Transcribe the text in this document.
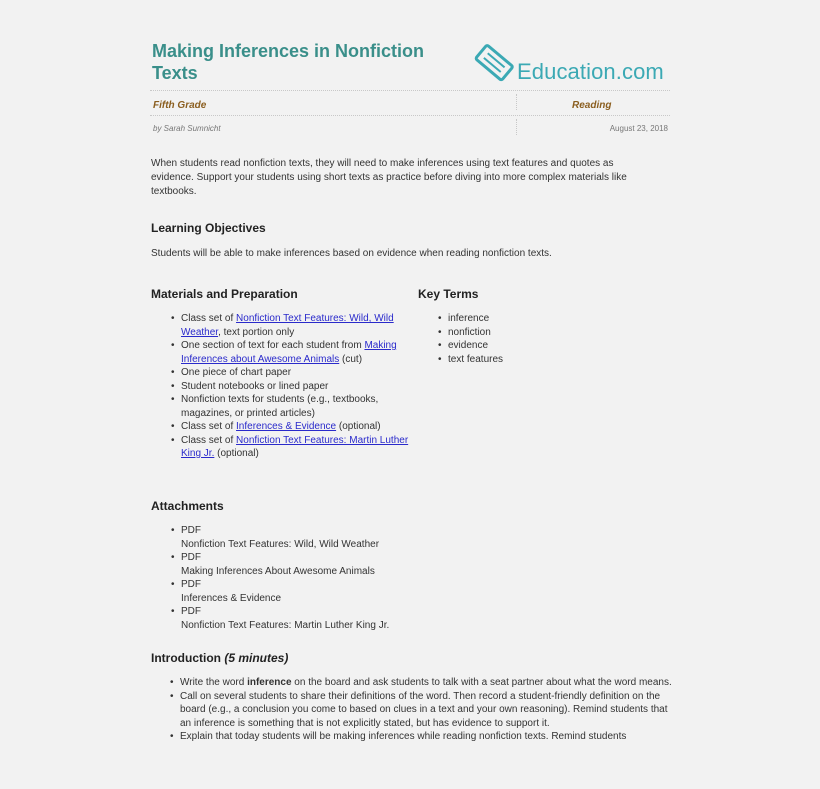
Making Inferences in Nonfiction Texts	Education.com
Fifth Grade	Reading
by Sarah Sumnicht	August 23, 2018
When students read nonfiction texts, they will need to make inferences using text features and quotes as evidence. Support your students using short texts as practice before diving into more complex materials like textbooks.
Learning Objectives
Students will be able to make inferences based on evidence when reading nonfiction texts.
Materials and Preparation
• Class set of Nonfiction Text Features: Wild, Wild Weather, text portion only
• One section of text for each student from Making Inferences about Awesome Animals (cut)
• One piece of chart paper
• Student notebooks or lined paper
• Nonfiction texts for students (e.g., textbooks, magazines, or printed articles)
• Class set of Inferences & Evidence (optional)
• Class set of Nonfiction Text Features: Martin Luther King Jr. (optional)
Key Terms
• inference
• nonfiction
• evidence
• text features
Attachments
• PDF
Nonfiction Text Features: Wild, Wild Weather
• PDF
Making Inferences About Awesome Animals
• PDF
Inferences & Evidence
• PDF
Nonfiction Text Features: Martin Luther King Jr.
Introduction (5 minutes)
• Write the word inference on the board and ask students to talk with a seat partner about what the word means.
• Call on several students to share their definitions of the word. Then record a student-friendly definition on the board (e.g., a conclusion you come to based on clues in a text and your own reasoning). Remind students that an inference is something that is not explicitly stated, but has evidence to support it.
• Explain that today students will be making inferences while reading nonfiction texts. Remind students
